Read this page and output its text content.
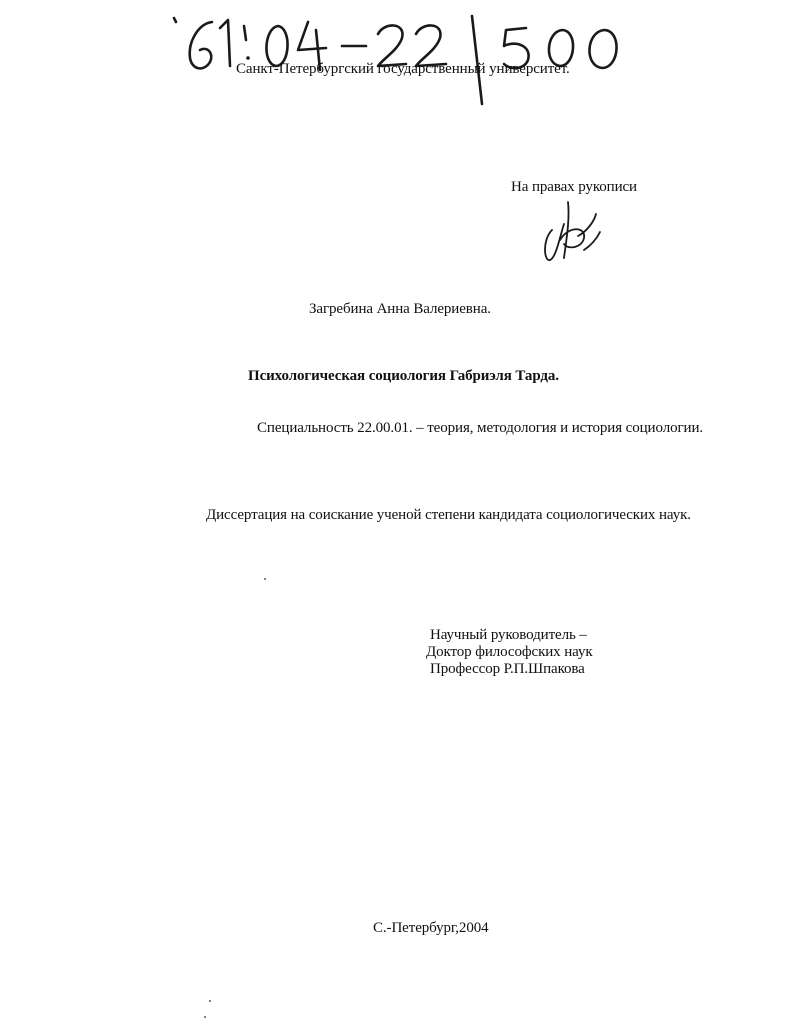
Санкт-Петербургский государственный университет.
На правах рукописи
Загребина Анна Валериевна.
Психологическая социология Габриэля Тарда.
Специальность 22.00.01. – теория, методология и история социологии.
Диссертация на соискание ученой степени кандидата социологических наук.
Научный руководитель –
Доктор философских наук
Профессор Р.П.Шпакова
С.-Петербург,2004
